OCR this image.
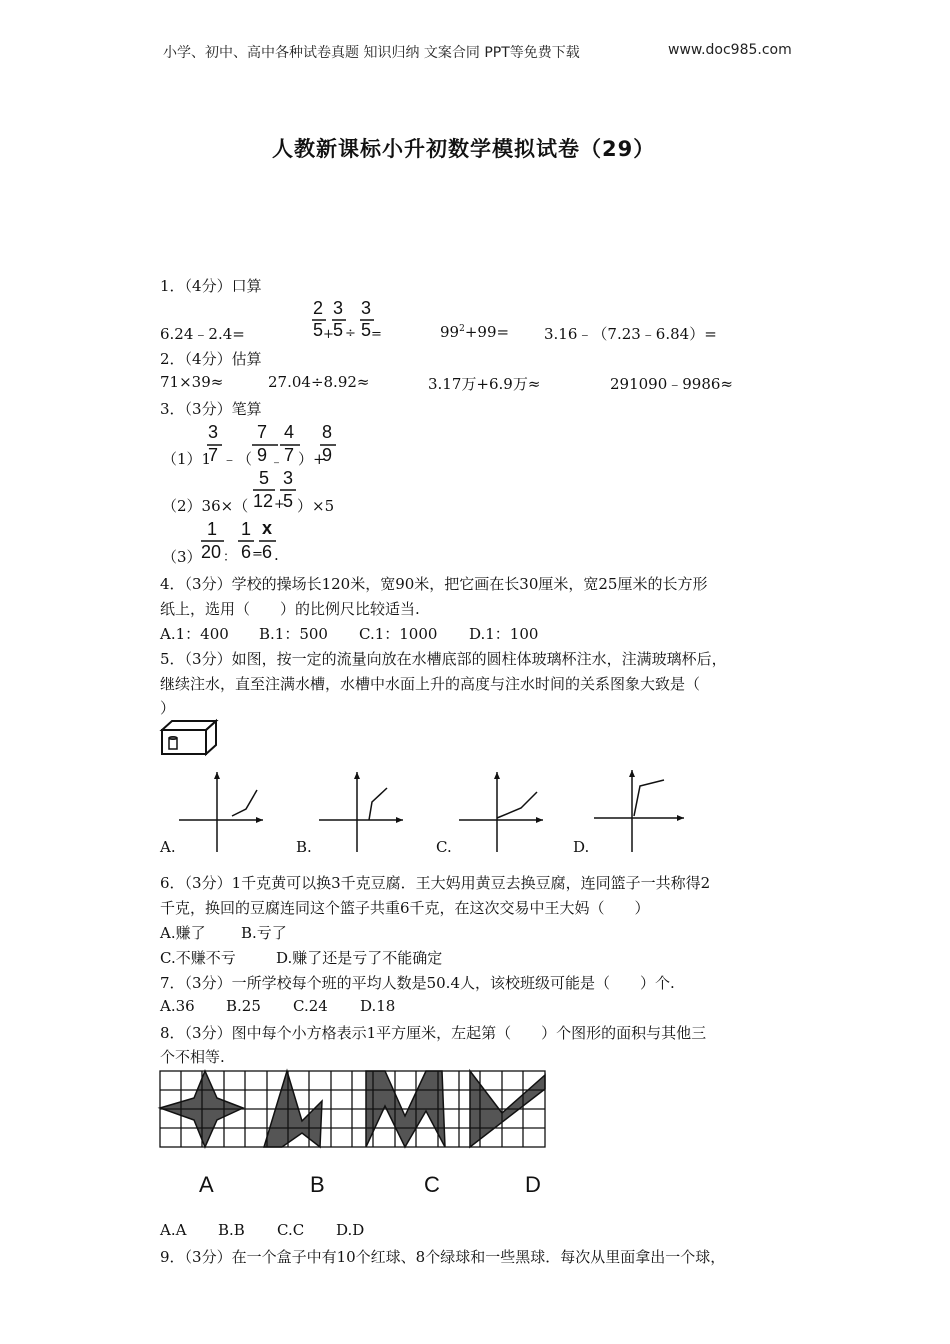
小学、初中、高中各种试卷真题 知识归纳 文案合同 PPT等免费下载	www.doc985.com
人教新课标小升初数学模拟试卷（29）
1．（4分）口算
6.24﹣2.4=
2
5 +
3
5 ÷
3
5 =	$99^2+99=$ 3.16﹣（7.23﹣6.84）=
2．（4分）估算
71×39≈	27.04÷8.92≈	3.17万+6.9万≈	291090﹣9986≈
3．（3分）笔算
（1）1
3
7 ﹣（
7
9 ﹣
4
7 ）+
8
9
（2）36×（
5
12 +
3
5 ）×5
（3）
1
20 ：
1
6 =
x
6 .
4．（3分）学校的操场长120米，宽90米，把它画在长30厘米，宽25厘米的长方形
纸上，选用（　　）的比例尺比较适当.
A.1：400 B.1：500 C.1：1000 D.1：100
5．（3分）如图，按一定的流量向放在水槽底部的圆柱体玻璃杯注水，注满玻璃杯后，
继续注水，直至注满水槽，水槽中水面上升的高度与注水时间的关系图象大致是（
）
A.	B.	C.	D.
6．（3分）1千克黄可以换3千克豆腐．王大妈用黄豆去换豆腐，连同篮子一共称得2
千克，换回的豆腐连同这个篮子共重6千克，在这次交易中王大妈（　　）
A.赚了 B.亏了
C.不赚不亏	D.赚了还是亏了不能确定
7．（3分）一所学校每个班的平均人数是50.4人，该校班级可能是（　　）个.
A.36 B.25 C.24 D.18
8．（3分）图中每个小方格表示1平方厘米，左起第（　　）个图形的面积与其他三
个不相等.
A	B	C	D
A.A B.B C.C D.D
9．（3分）在一个盒子中有10个红球、8个绿球和一些黑球．每次从里面拿出一个球，
